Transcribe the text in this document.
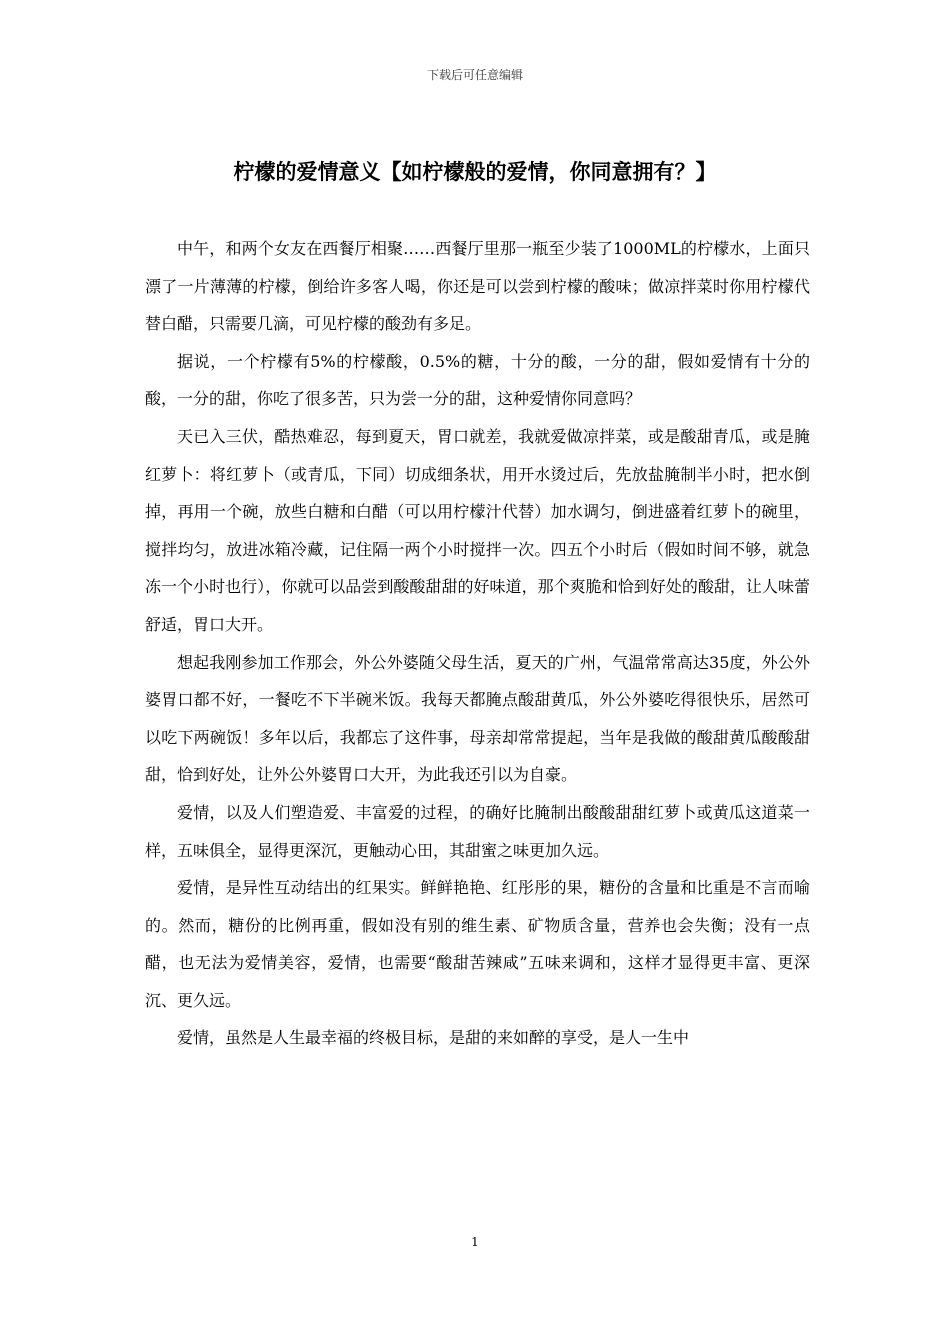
下载后可任意编辑
柠檬的爱情意义【如柠檬般的爱情，你同意拥有？】

中午，和两个女友在西餐厅相聚……西餐厅里那一瓶至少装了1000ML的柠檬水，上面只漂了一片薄薄的柠檬，倒给许多客人喝，你还是可以尝到柠檬的酸味；做凉拌菜时你用柠檬代替白醋，只需要几滴，可见柠檬的酸劲有多足。

据说，一个柠檬有5%的柠檬酸，0.5%的糖，十分的酸，一分的甜，假如爱情有十分的酸，一分的甜，你吃了很多苦，只为尝一分的甜，这种爱情你同意吗？

天已入三伏，酷热难忍，每到夏天，胃口就差，我就爱做凉拌菜，或是酸甜青瓜，或是腌红萝卜：将红萝卜（或青瓜，下同）切成细条状，用开水烫过后，先放盐腌制半小时，把水倒掉，再用一个碗，放些白糖和白醋（可以用柠檬汁代替）加水调匀，倒进盛着红萝卜的碗里，搅拌均匀，放进冰箱冷藏，记住隔一两个小时搅拌一次。四五个小时后（假如时间不够，就急冻一个小时也行），你就可以品尝到酸酸甜甜的好味道，那个爽脆和恰到好处的酸甜，让人味蕾舒适，胃口大开。

想起我刚参加工作那会，外公外婆随父母生活，夏天的广州，气温常常高达35度，外公外婆胃口都不好，一餐吃不下半碗米饭。我每天都腌点酸甜黄瓜，外公外婆吃得很快乐，居然可以吃下两碗饭！多年以后，我都忘了这件事，母亲却常常提起，当年是我做的酸甜黄瓜酸酸甜甜，恰到好处，让外公外婆胃口大开，为此我还引以为自豪。

爱情，以及人们塑造爱、丰富爱的过程，的确好比腌制出酸酸甜甜红萝卜或黄瓜这道菜一样，五味俱全，显得更深沉，更触动心田，其甜蜜之味更加久远。

爱情，是异性互动结出的红果实。鲜鲜艳艳、红彤彤的果，糖份的含量和比重是不言而喻的。然而，糖份的比例再重，假如没有别的维生素、矿物质含量，营养也会失衡；没有一点醋，也无法为爱情美容，爱情，也需要“酸甜苦辣咸”五味来调和，这样才显得更丰富、更深沉、更久远。

爱情，虽然是人生最幸福的终极目标，是甜的来如醉的享受，是人一生中

1
